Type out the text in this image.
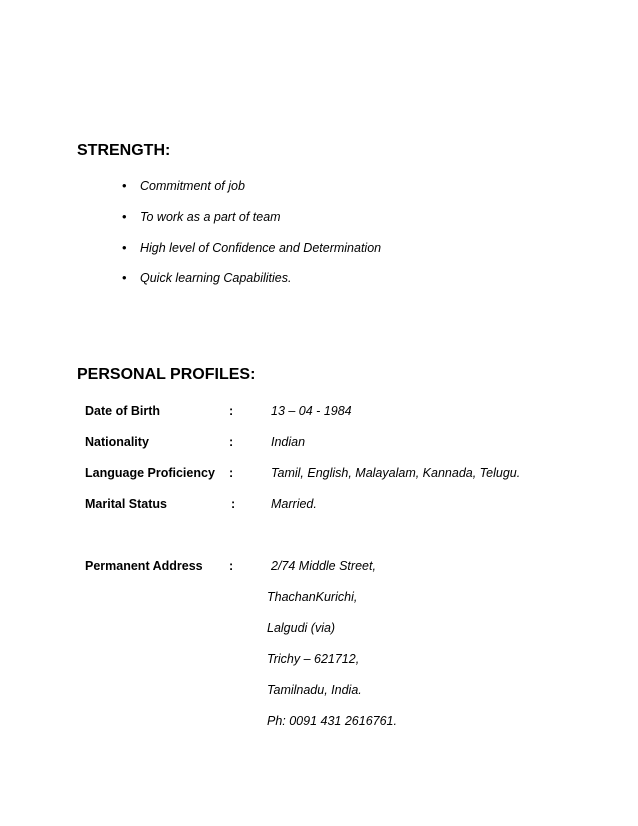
STRENGTH:
• Commitment of job
• To work as a part of team
• High level of Confidence and Determination
• Quick learning Capabilities.
PERSONAL PROFILES:
Date of Birth	:	13 – 04 - 1984
Nationality	:	Indian
Language Proficiency :	Tamil, English, Malayalam, Kannada, Telugu.
Marital Status	:	Married.
Permanent Address :	2/74 Middle Street,
ThachanKurichi,
Lalgudi (via)
Trichy – 621712,
Tamilnadu, India.
Ph: 0091 431 2616761.
